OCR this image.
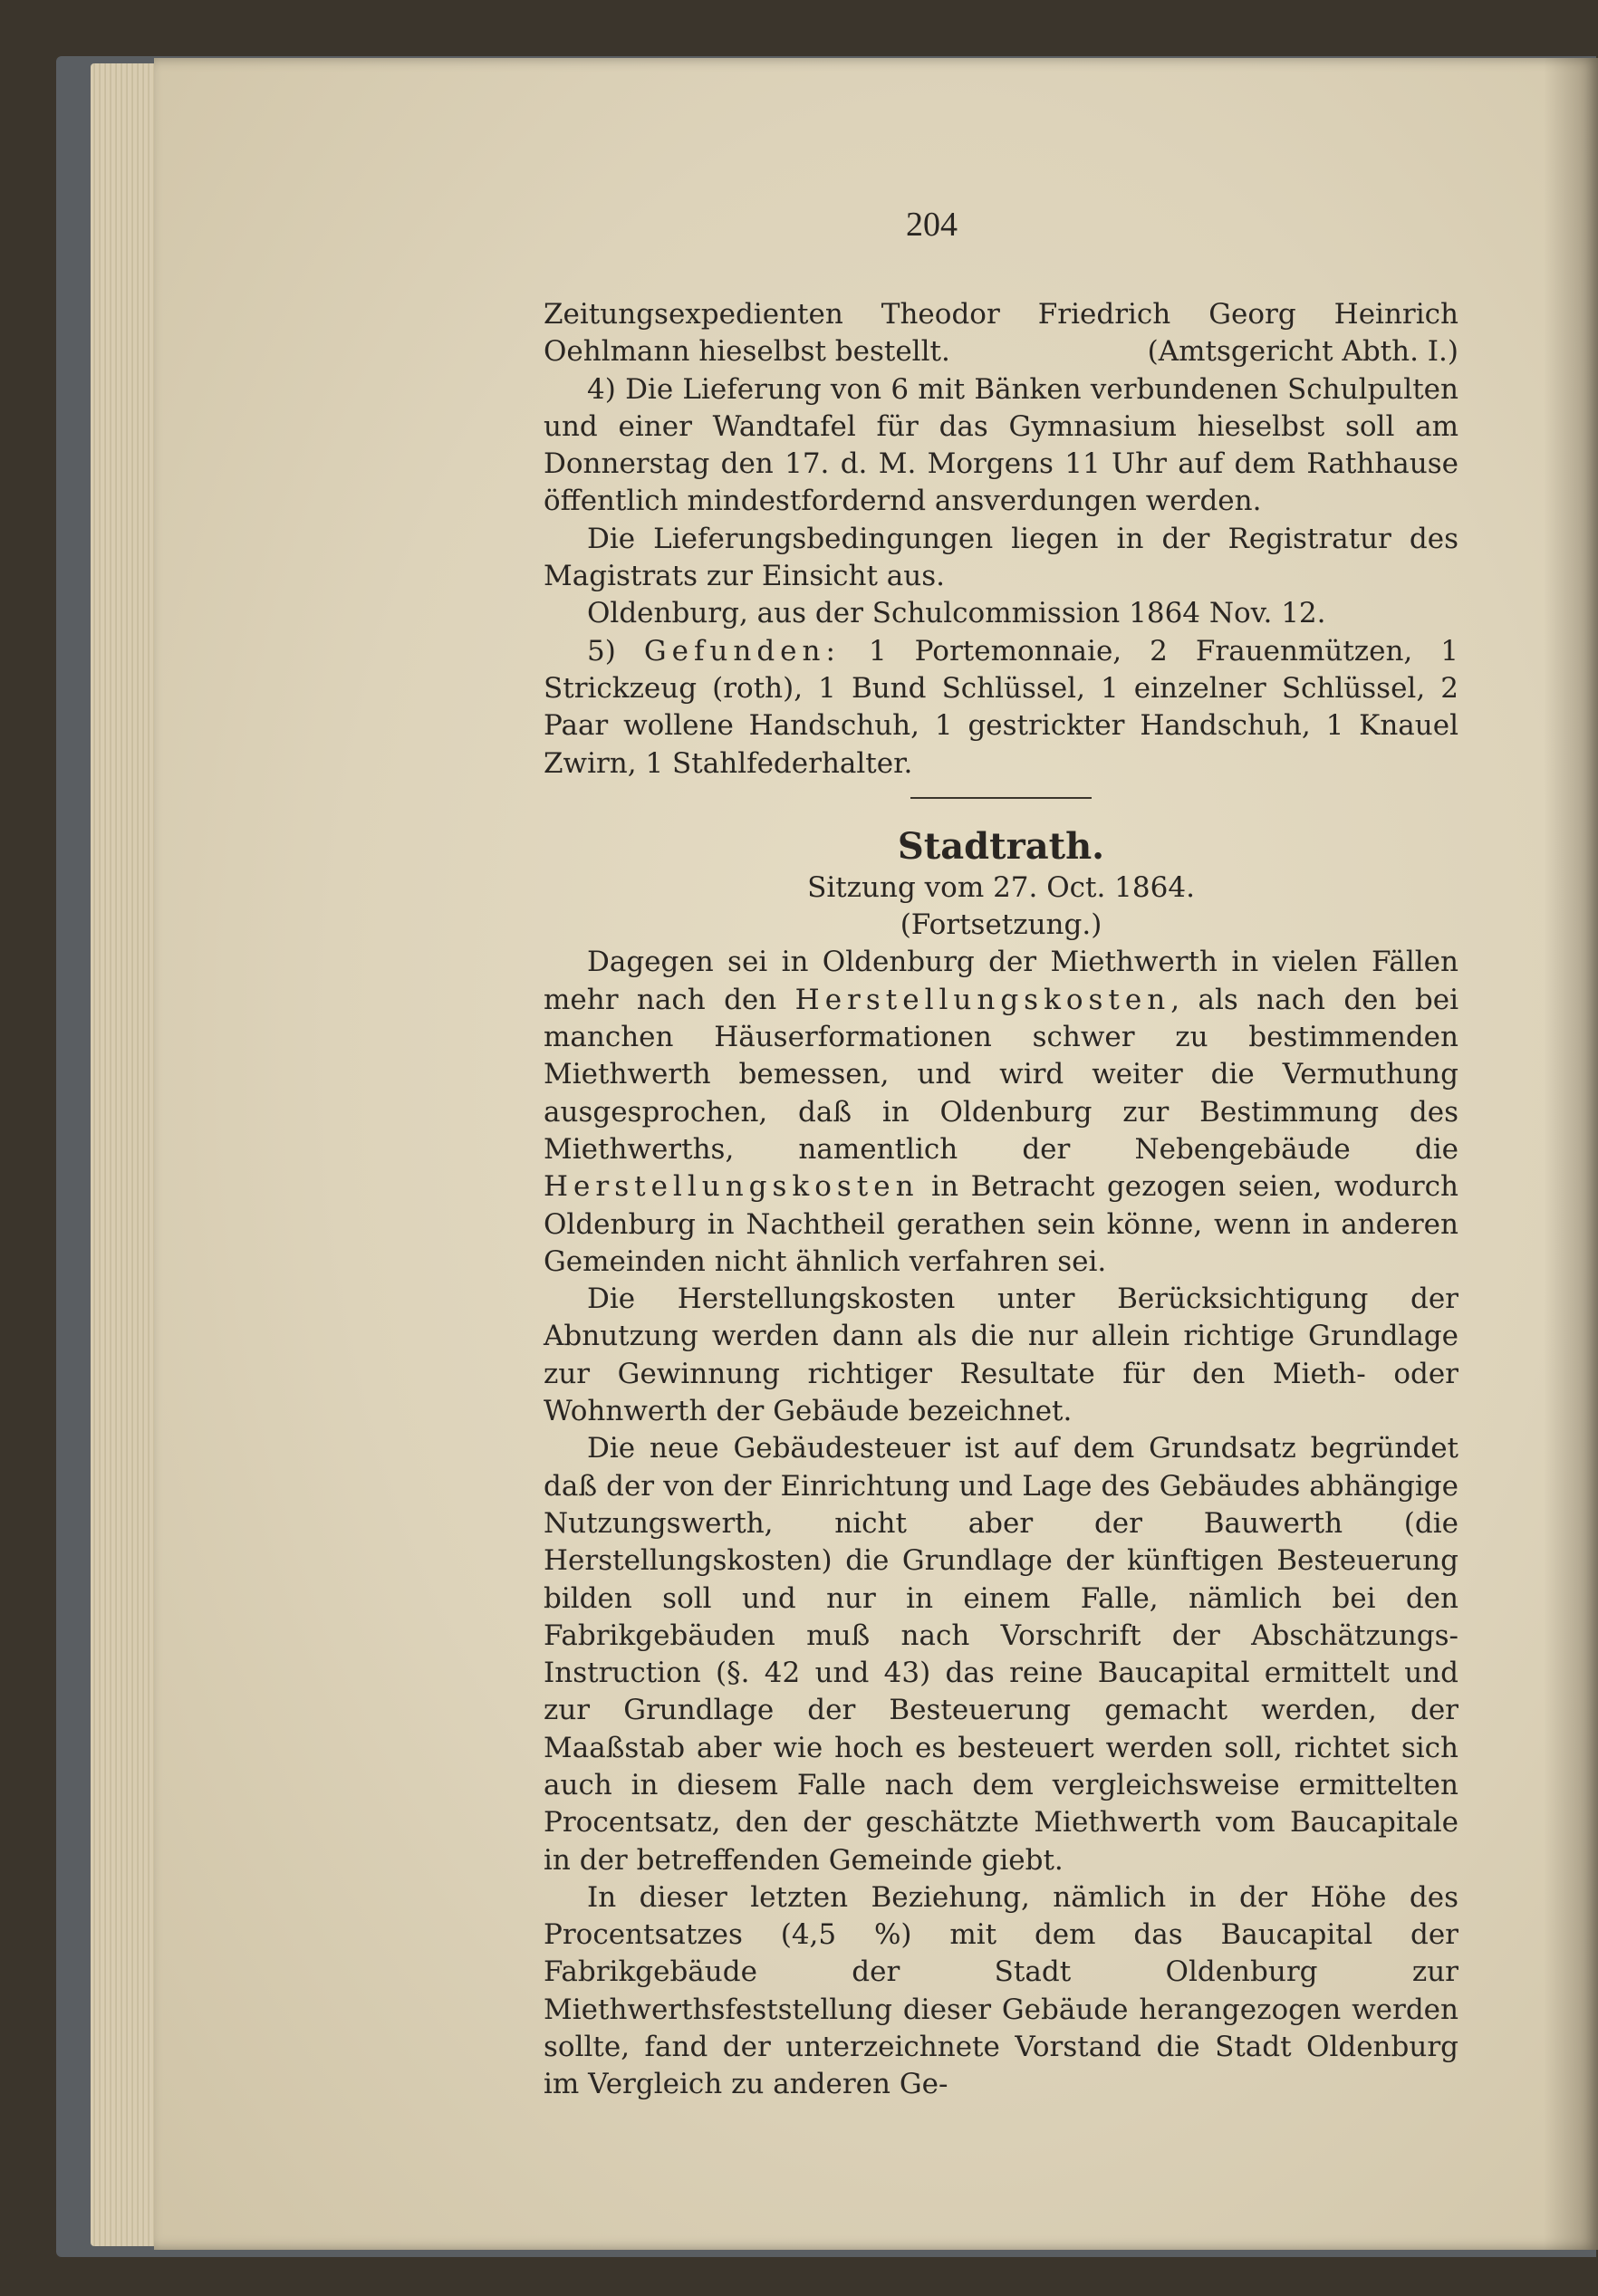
204

Zeitungsexpedienten Theodor Friedrich Georg Heinrich Oehlmann hieselbst bestellt.	(Amtsgericht Abth. I.)

4) Die Lieferung von 6 mit Bänken verbundenen Schulpulten und einer Wandtafel für das Gymnasium hieselbst soll am Donnerstag den 17. d. M. Morgens 11 Uhr auf dem Rathhause öffentlich mindestfordernd ansverdungen werden.

Die Lieferungsbedingungen liegen in der Registratur des Magistrats zur Einsicht aus.

Oldenburg, aus der Schulcommission 1864 Nov. 12.

5) Gefunden: 1 Portemonnaie, 2 Frauenmützen, 1 Strickzeug (roth), 1 Bund Schlüssel, 1 einzelner Schlüssel, 2 Paar wollene Handschuh, 1 gestrickter Handschuh, 1 Knauel Zwirn, 1 Stahlfederhalter.

Stadtrath.

Sitzung vom 27. Oct. 1864.

(Fortsetzung.)

Dagegen sei in Oldenburg der Miethwerth in vielen Fällen mehr nach den Herstellungskosten, als nach den bei manchen Häuserformationen schwer zu bestimmenden Miethwerth bemessen, und wird weiter die Vermuthung ausgesprochen, daß in Oldenburg zur Bestimmung des Miethwerths, namentlich der Nebengebäude die Herstellungskosten in Betracht gezogen seien, wodurch Oldenburg in Nachtheil gerathen sein könne, wenn in anderen Gemeinden nicht ähnlich verfahren sei.

Die Herstellungskosten unter Berücksichtigung der Abnutzung werden dann als die nur allein richtige Grundlage zur Gewinnung richtiger Resultate für den Mieth- oder Wohnwerth der Gebäude bezeichnet.

Die neue Gebäudesteuer ist auf dem Grundsatz begründet daß der von der Einrichtung und Lage des Gebäudes abhängige Nutzungswerth, nicht aber der Bauwerth (die Herstellungskosten) die Grundlage der künftigen Besteuerung bilden soll und nur in einem Falle, nämlich bei den Fabrikgebäuden muß nach Vorschrift der Abschätzungs-Instruction (§. 42 und 43) das reine Baucapital ermittelt und zur Grundlage der Besteuerung gemacht werden, der Maaßstab aber wie hoch es besteuert werden soll, richtet sich auch in diesem Falle nach dem vergleichsweise ermittelten Procentsatz, den der geschätzte Miethwerth vom Baucapitale in der betreffenden Gemeinde giebt.

In dieser letzten Beziehung, nämlich in der Höhe des Procentsatzes (4,5 %) mit dem das Baucapital der Fabrikgebäude der Stadt Oldenburg zur Miethwerthsfeststellung dieser Gebäude herangezogen werden sollte, fand der unterzeichnete Vorstand die Stadt Oldenburg im Vergleich zu anderen Ge-
